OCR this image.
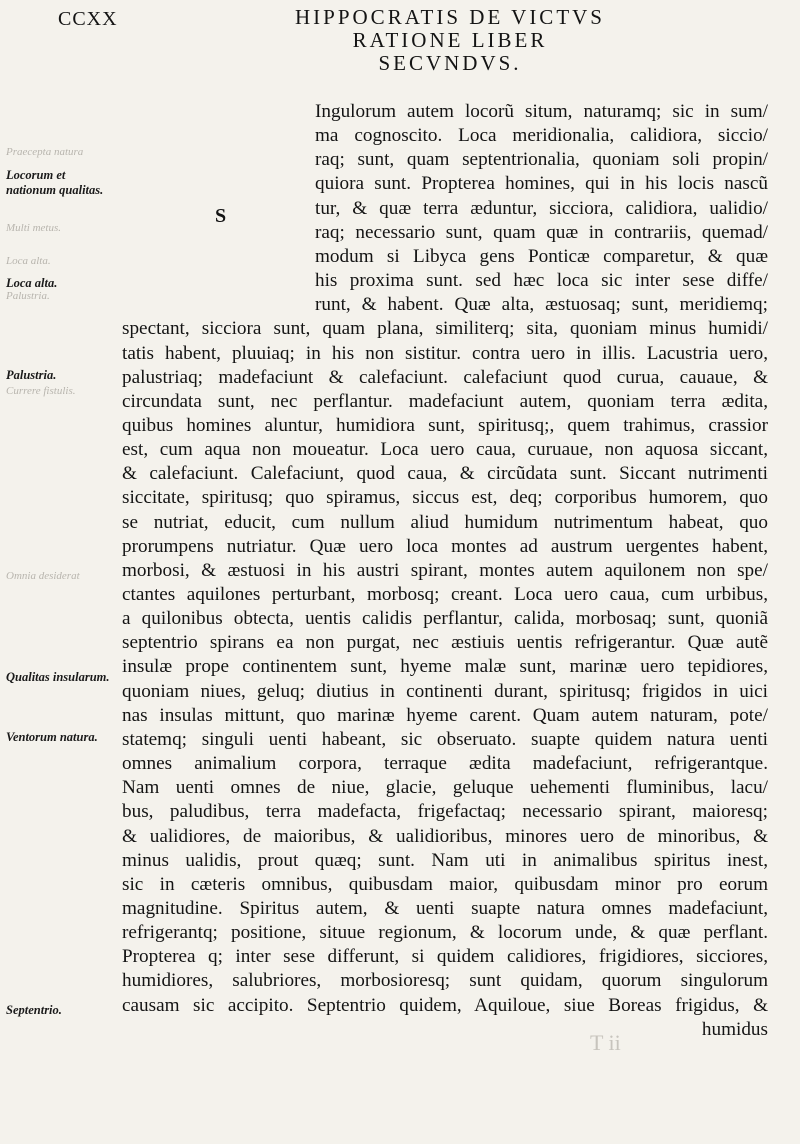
CCXX	HIPPOCRATIS DE VICTVS
RATIONE LIBER
SECVNDVS.
Praecepta natura
Multi metus.
Loca alta.
Palustria.
Currere fistulis.
Omnia desiderat
Locorum et nationum qualitas.
Loca alta.
Palustria.
Qualitas insularum.
Ventorum natura.
Septentrio.
S
Ingulorum autem locorũ situm, naturamq; sic in sum/
ma cognoscito. Loca meridionalia, calidiora, siccio/
raq; sunt, quam septentrionalia, quoniam soli propin/
quiora sunt. Propterea homines, qui in his locis nascũ
tur, & quæ terra æduntur, sicciora, calidiora, ualidio/
raq; necessario sunt, quam quæ in contrariis, quemad/
modum si Libyca gens Ponticæ comparetur, & quæ
his proxima sunt. sed hæc loca sic inter sese diffe/
runt, & habent. Quæ alta, æstuosaq; sunt, meridiemq;
spectant, sicciora sunt, quam plana, similiterq; sita, quoniam minus humidi/
tatis habent, pluuiaq; in his non sistitur. contra uero in illis. Lacustria uero,
palustriaq; madefaciunt & calefaciunt. calefaciunt quod curua, cauaue, &
circundata sunt, nec perflantur. madefaciunt autem, quoniam terra ædita,
quibus homines aluntur, humidiora sunt, spiritusq;, quem trahimus, crassior
est, cum aqua non moueatur. Loca uero caua, curuaue, non aquosa siccant,
& calefaciunt. Calefaciunt, quod caua, & circũdata sunt. Siccant nutrimenti
siccitate, spiritusq; quo spiramus, siccus est, deq; corporibus humorem, quo
se nutriat, educit, cum nullum aliud humidum nutrimentum habeat, quo
prorumpens nutriatur. Quæ uero loca montes ad austrum uergentes habent,
morbosi, & æstuosi in his austri spirant, montes autem aquilonem non spe/
ctantes aquilones perturbant, morbosq; creant. Loca uero caua, cum urbibus,
a quilonibus obtecta, uentis calidis perflantur, calida, morbosaq; sunt, quoniã
septentrio spirans ea non purgat, nec æstiuis uentis refrigerantur. Quæ autẽ
insulæ prope continentem sunt, hyeme malæ sunt, marinæ uero tepidiores,
quoniam niues, geluq; diutius in continenti durant, spiritusq; frigidos in uici
nas insulas mittunt, quo marinæ hyeme carent. Quam autem naturam, pote/
statemq; singuli uenti habeant, sic obseruato. suapte quidem natura uenti
omnes animalium corpora, terraque ædita madefaciunt, refrigerantque.
Nam uenti omnes de niue, glacie, geluque uehementi fluminibus, lacu/
bus, paludibus, terra madefacta, frigefactaq; necessario spirant, maioresq;
& ualidiores, de maioribus, & ualidioribus, minores uero de minoribus, &
minus ualidis, prout quæq; sunt. Nam uti in animalibus spiritus inest,
sic in cæteris omnibus, quibusdam maior, quibusdam minor pro eorum
magnitudine. Spiritus autem, & uenti suapte natura omnes madefaciunt,
refrigerantq; positione, situue regionum, & locorum unde, & quæ perflant.
Propterea q; inter sese differunt, si quidem calidiores, frigidiores, sicciores,
humidiores, salubriores, morbosioresq; sunt quidam, quorum singulorum
causam sic accipito. Septentrio quidem, Aquiloue, siue Boreas frigidus, &
humidus
T ii
